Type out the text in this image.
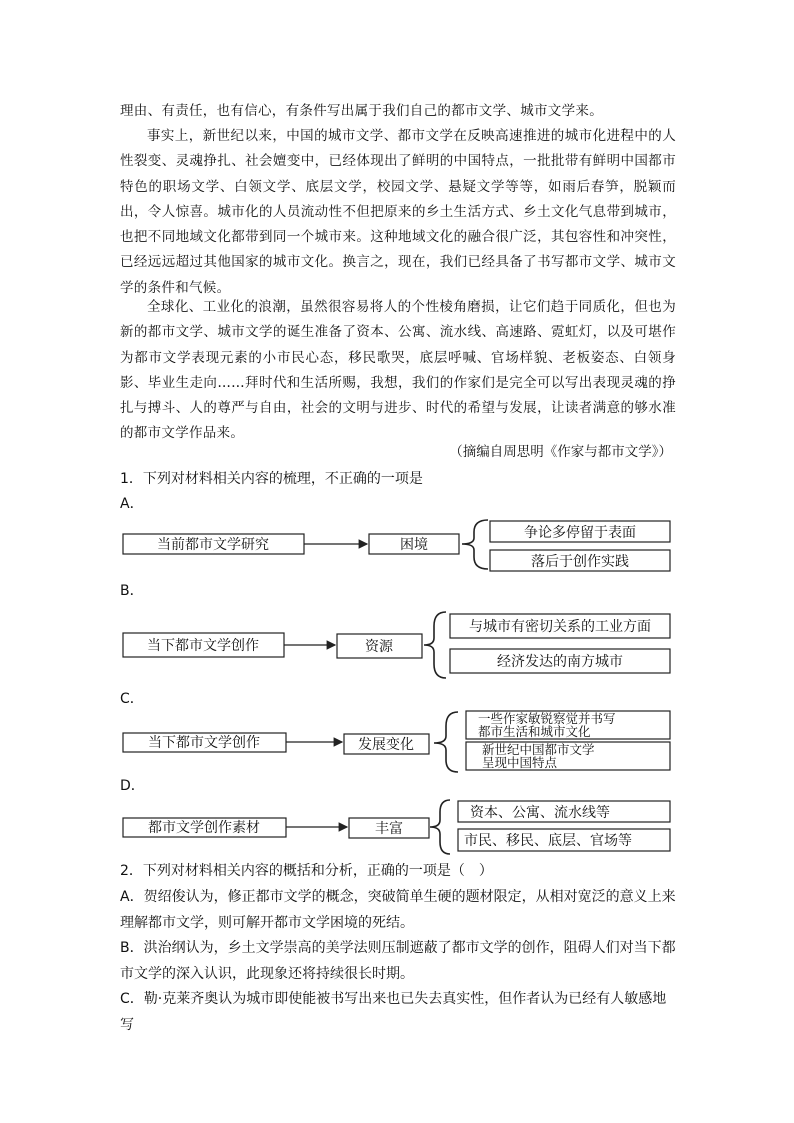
理由、有责任，也有信心，有条件写出属于我们自己的都市文学、城市文学来。

事实上，新世纪以来，中国的城市文学、都市文学在反映高速推进的城市化进程中的人性裂变、灵魂挣扎、社会嬗变中，已经体现出了鲜明的中国特点，一批批带有鲜明中国都市特色的职场文学、白领文学、底层文学，校园文学、悬疑文学等等，如雨后春笋，脱颖而出，令人惊喜。城市化的人员流动性不但把原来的乡土生活方式、乡土文化气息带到城市，也把不同地域文化都带到同一个城市来。这种地域文化的融合很广泛，其包容性和冲突性，已经远远超过其他国家的城市文化。换言之，现在，我们已经具备了书写都市文学、城市文学的条件和气候。

全球化、工业化的浪潮，虽然很容易将人的个性棱角磨损，让它们趋于同质化，但也为新的都市文学、城市文学的诞生准备了资本、公寓、流水线、高速路、霓虹灯，以及可堪作为都市文学表现元素的小市民心态，移民歌哭，底层呼喊、官场样貌、老板姿态、白领身影、毕业生走向……拜时代和生活所赐，我想，我们的作家们是完全可以写出表现灵魂的挣扎与搏斗、人的尊严与自由，社会的文明与进步、时代的希望与发展，让读者满意的够水准的都市文学作品来。

（摘编自周思明《作家与都市文学》）

1．下列对材料相关内容的梳理，不正确的一项是

A．
B．
C．
D．
当前都市文学研究	困境
争论多停留于表面
落后于创作实践
当下都市文学创作	资源
与城市有密切关系的工业方面
经济发达的南方城市
当下都市文学创作	发展变化
一些作家敏锐察觉并书写
都市生活和城市文化
新世纪中国都市文学
呈现中国特点
都市文学创作素材	丰富
资本、公寓、流水线等
市民、移民、底层、官场等

2．下列对材料相关内容的概括和分析，正确的一项是（　）

A．贺绍俊认为，修正都市文学的概念，突破简单生硬的题材限定，从相对宽泛的意义上来理解都市文学，则可解开都市文学困境的死结。

B．洪治纲认为，乡土文学崇高的美学法则压制遮蔽了都市文学的创作，阻碍人们对当下都市文学的深入认识，此现象还将持续很长时期。

C．勒·克莱齐奥认为城市即使能被书写出来也已失去真实性，但作者认为已经有人敏感地写
